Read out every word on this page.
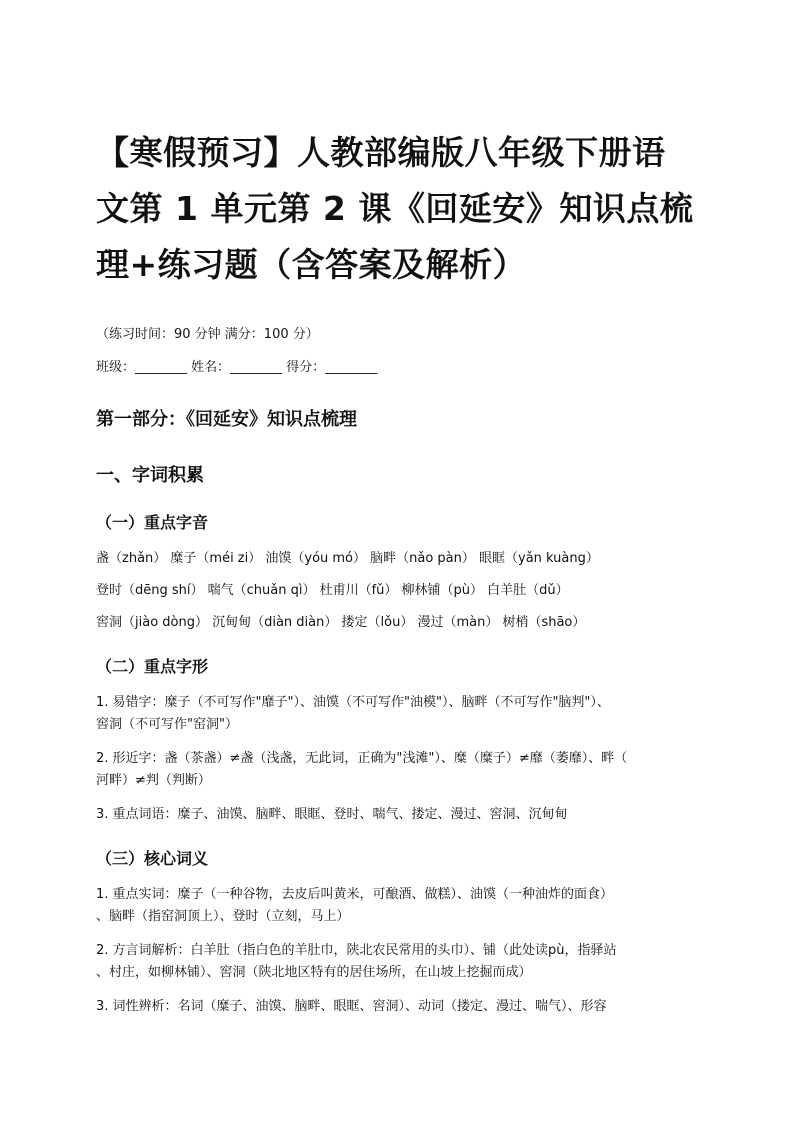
【寒假预习】人教部编版八年级下册语
文第 1 单元第 2 课《回延安》知识点梳
理+练习题（含答案及解析）
（练习时间：90 分钟 满分：100 分）
班级：________ 姓名：________ 得分：________
第一部分：《回延安》知识点梳理
一、字词积累
（一）重点字音
盏（zhǎn） 糜子（méi zi） 油馍（yóu mó） 脑畔（nǎo pàn） 眼眶（yǎn kuàng）
登时（dēng shí） 喘气（chuǎn qì） 杜甫川（fǔ） 柳林铺（pù） 白羊肚（dǔ）
窖洞（jiào dòng） 沉甸甸（diàn diàn） 搂定（lǒu） 漫过（màn） 树梢（shāo）
（二）重点字形
1. 易错字：糜子（不可写作"靡子"）、油馍（不可写作"油模"）、脑畔（不可写作"脑判"）、
窖洞（不可写作"窑洞"）
2. 形近字：盏（茶盏）≠盏（浅盏，无此词，正确为"浅滩"）、糜（糜子）≠靡（萎靡）、畔（
河畔）≠判（判断）
3. 重点词语：糜子、油馍、脑畔、眼眶、登时、喘气、搂定、漫过、窖洞、沉甸甸
（三）核心词义
1. 重点实词：糜子（一种谷物，去皮后叫黄米，可酿酒、做糕）、油馍（一种油炸的面食）
、脑畔（指窑洞顶上）、登时（立刻，马上）
2. 方言词解析：白羊肚（指白色的羊肚巾，陕北农民常用的头巾）、铺（此处读pù，指驿站
、村庄，如柳林铺）、窖洞（陕北地区特有的居住场所，在山坡上挖掘而成）
3. 词性辨析：名词（糜子、油馍、脑畔、眼眶、窖洞）、动词（搂定、漫过、喘气）、形容
